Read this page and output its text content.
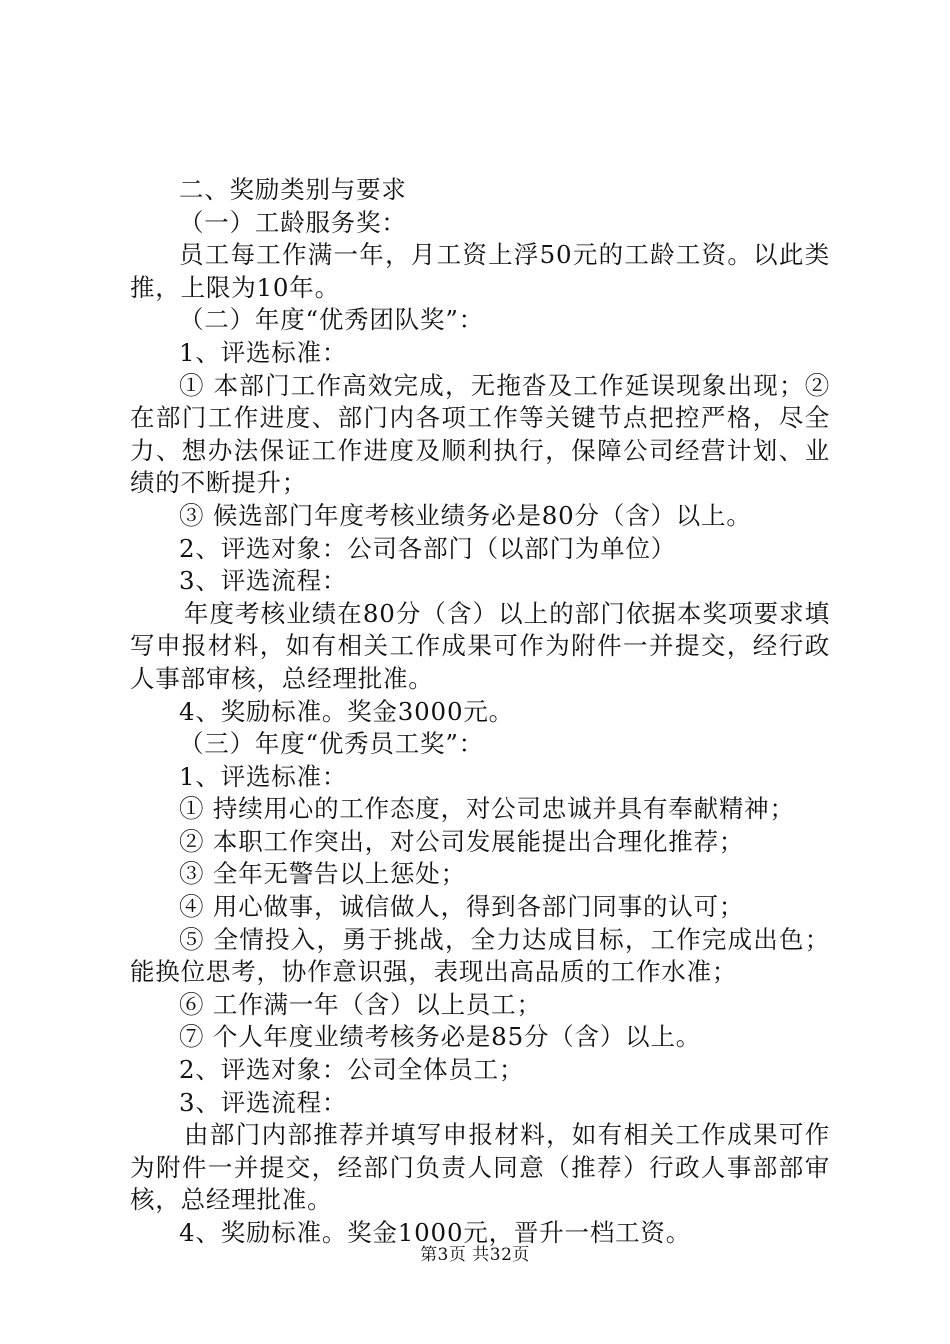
二、奖励类别与要求
（一）工龄服务奖：
员工每工作满一年，月工资上浮50元的工龄工资。以此类推，上限为10年。
（二）年度“优秀团队奖”：
1、评选标准：
① 本部门工作高效完成，无拖沓及工作延误现象出现；② 在部门工作进度、部门内各项工作等关键节点把控严格，尽全力、想办法保证工作进度及顺利执行，保障公司经营计划、业绩的不断提升；
③ 候选部门年度考核业绩务必是80分（含）以上。
2、评选对象：公司各部门（以部门为单位）
3、评选流程：
年度考核业绩在80分（含）以上的部门依据本奖项要求填写申报材料，如有相关工作成果可作为附件一并提交，经行政人事部审核，总经理批准。
4、奖励标准。奖金3000元。
（三）年度“优秀员工奖”：
1、评选标准：
① 持续用心的工作态度，对公司忠诚并具有奉献精神；
② 本职工作突出，对公司发展能提出合理化推荐；
③ 全年无警告以上惩处；
④ 用心做事，诚信做人，得到各部门同事的认可；
⑤ 全情投入，勇于挑战，全力达成目标，工作完成出色；能换位思考，协作意识强，表现出高品质的工作水准；
⑥ 工作满一年（含）以上员工；
⑦ 个人年度业绩考核务必是85分（含）以上。
2、评选对象：公司全体员工；
3、评选流程：
由部门内部推荐并填写申报材料，如有相关工作成果可作为附件一并提交，经部门负责人同意（推荐）行政人事部部审核，总经理批准。
4、奖励标准。奖金1000元，晋升一档工资。
第3页 共32页
